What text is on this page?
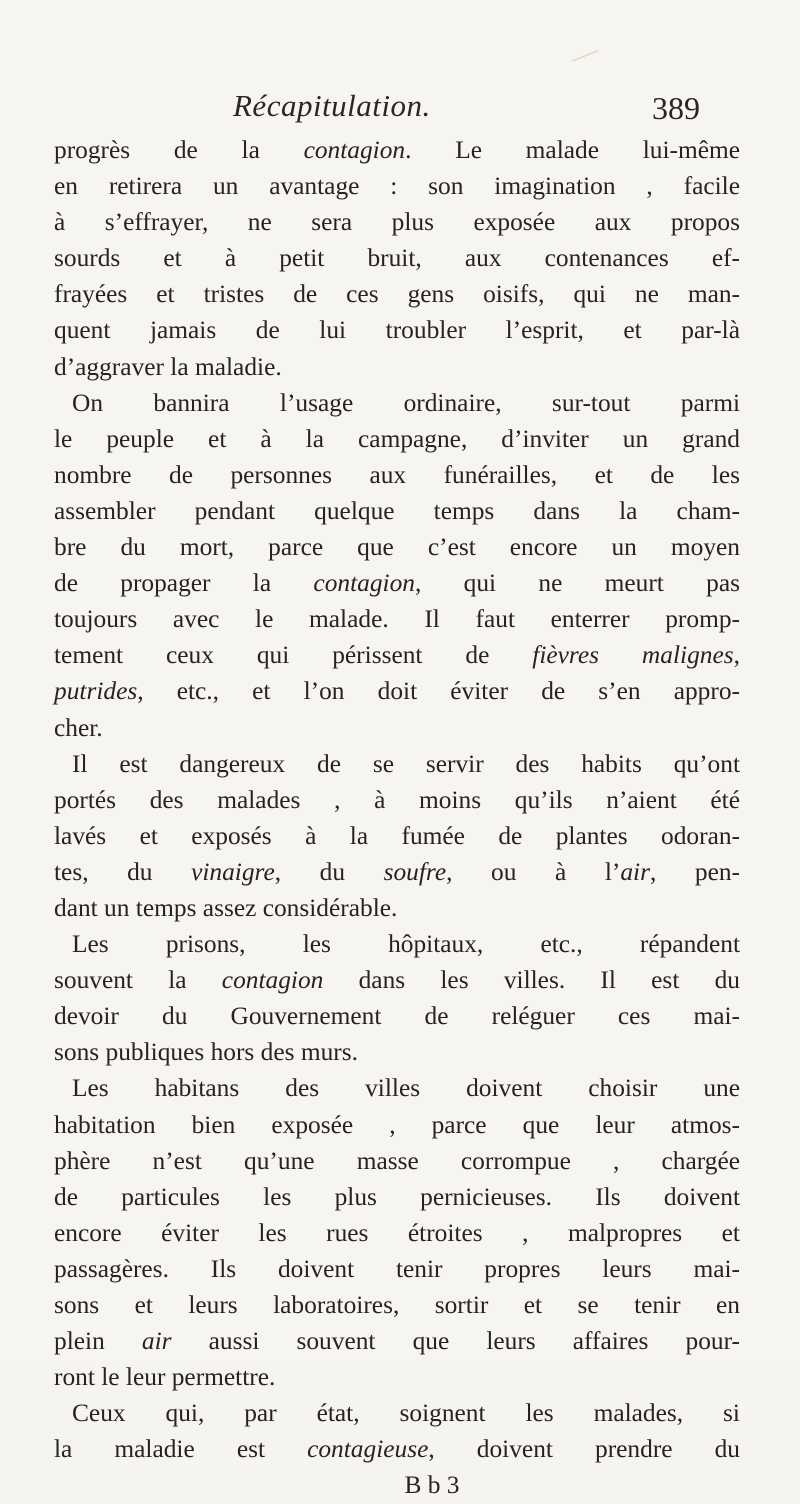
Récapitulation.	389
progrès de la contagion. Le malade lui-même
en retirera un avantage : son imagination , facile
à s’effrayer, ne sera plus exposée aux propos
sourds et à petit bruit, aux contenances ef-
frayées et tristes de ces gens oisifs, qui ne man-
quent jamais de lui troubler l’esprit, et par-là
d’aggraver la maladie.
On bannira l’usage ordinaire, sur-tout parmi
le peuple et à la campagne, d’inviter un grand
nombre de personnes aux funérailles, et de les
assembler pendant quelque temps dans la cham-
bre du mort, parce que c’est encore un moyen
de propager la contagion, qui ne meurt pas
toujours avec le malade. Il faut enterrer promp-
tement ceux qui périssent de fièvres malignes,
putrides, etc., et l’on doit éviter de s’en appro-
cher.
Il est dangereux de se servir des habits qu’ont
portés des malades , à moins qu’ils n’aient été
lavés et exposés à la fumée de plantes odoran-
tes, du vinaigre, du soufre, ou à l’air, pen-
dant un temps assez considérable.
Les prisons, les hôpitaux, etc., répandent
souvent la contagion dans les villes. Il est du
devoir du Gouvernement de reléguer ces mai-
sons publiques hors des murs.
Les habitans des villes doivent choisir une
habitation bien exposée , parce que leur atmos-
phère n’est qu’une masse corrompue , chargée
de particules les plus pernicieuses. Ils doivent
encore éviter les rues étroites , malpropres et
passagères. Ils doivent tenir propres leurs mai-
sons et leurs laboratoires, sortir et se tenir en
plein air aussi souvent que leurs affaires pour-
ront le leur permettre.
Ceux qui, par état, soignent les malades, si
la maladie est contagieuse, doivent prendre du
B b 3
